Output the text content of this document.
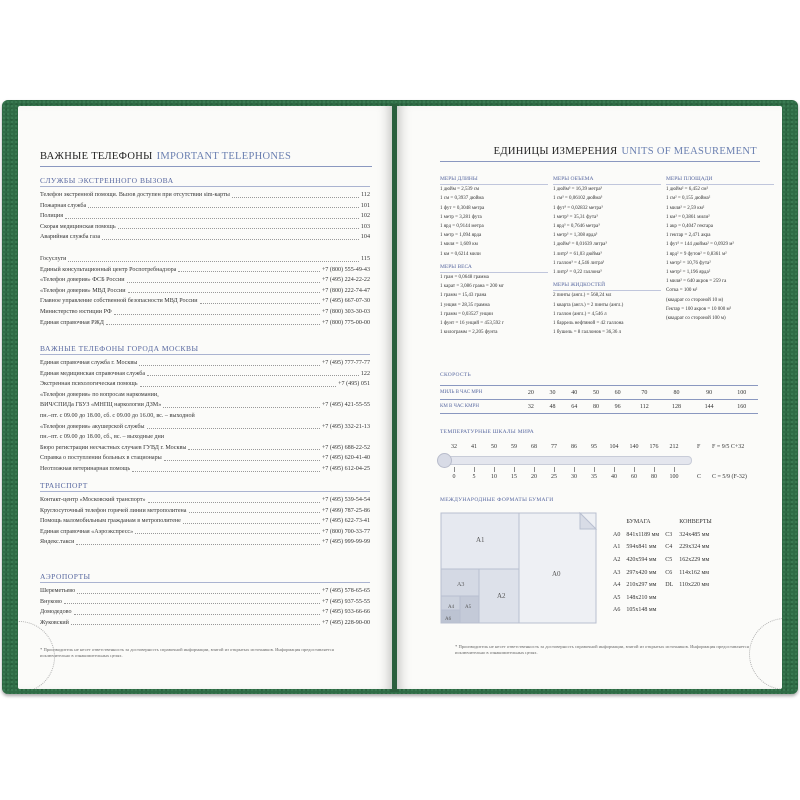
ВАЖНЫЕ ТЕЛЕФОНЫ IMPORTANT TELEPHONES
СЛУЖБЫ ЭКСТРЕННОГО ВЫЗОВА
Телефон экстренной помощи. Вызов доступен при отсутствии sim-карты	112
Пожарная служба	101
Полиция	102
Скорая медицинская помощь	103
Аварийная служба газа	104
Госуслуги	115
Единый консультационный центр Роспотребнадзора	+7 (800) 555-49-43
«Телефон доверия» ФСБ России	+7 (495) 224-22-22
«Телефон доверия» МВД России	+7 (800) 222-74-47
Главное управление собственной безопасности МВД России	+7 (495) 667-07-30
Министерство юстиции РФ	+7 (800) 303-30-03
Единая справочная РЖД	+7 (800) 775-00-00
ВАЖНЫЕ ТЕЛЕФОНЫ ГОРОДА МОСКВЫ
Единая справочная служба г. Москвы	+7 (495) 777-77-77
Единая медицинская справочная служба	122
Экстренная психологическая помощь	+7 (495) 051
«Телефон доверия» по вопросам наркомании,
ВИЧ/СПИДа ГБУЗ «МНПЦ наркологии ДЗМ»	+7 (495) 421-55-55
пн.–пт. с 09.00 до 18.00, сб. с 09.00 до 16.00, вс. – выходной
«Телефон доверия» акушерской службы	+7 (495) 332-21-13
пн.–пт. с 09.00 до 18.00, сб., вс. – выходные дни
Бюро регистрации несчастных случаев ГУВД г. Москвы	+7 (495) 688-22-52
Справка о поступлении больных в стационары	+7 (495) 620-41-40
Неотложная ветеринарная помощь	+7 (495) 612-04-25
ТРАНСПОРТ
Контакт-центр «Московский транспорт»	+7 (495) 539-54-54
Круглосуточный телефон горячей линии метрополитена	+7 (499) 787-25-86
Помощь маломобильным гражданам в метрополитене	+7 (495) 622-73-41
Единая справочная «Аэроэкспресс»	+7 (800) 700-33-77
Яндекс.такси	+7 (495) 999-99-99
АЭРОПОРТЫ
Шереметьево	+7 (495) 578-65-65
Внуково	+7 (495) 937-55-55
Домодедово	+7 (495) 933-66-66
Жуковский	+7 (495) 228-90-00
* Производитель не несет ответственность за достоверность справочной информации, взятой из открытых источников. Информация предоставляется исключительно в ознакомительных целях.
ЕДИНИЦЫ ИЗМЕРЕНИЯ UNITS OF MEASUREMENT
* Производитель не несет ответственность за достоверность справочной информации, взятой из открытых источников. Информация предоставляется исключительно в ознакомительных целях.
МЕРЫ ДЛИНЫ
1 дюйм = 2,539 см
1 см = 0,3937 дюйма
1 фут = 0,3048 метра
1 метр = 3,281 фута
1 ярд = 0,9144 метра
1 метр = 1,094 ярда
1 миля = 1,609 км
1 км = 0,6214 мили
МЕРЫ ВЕСА
1 гран = 0,0648 грамма
1 карат = 3,086 грана = 200 мг
1 грамм = 15,43 грана
1 унция = 28,35 грамма
1 грамм = 0,03527 унции
1 фунт = 16 унций = 453,592 г
1 килограмм = 2,205 фунта
МЕРЫ ОБЪЕМА
1 дюйм³ = 16,39 метра³
1 см³ = 0,06102 дюйма³
1 фут³ = 0,02832 метра³
1 метр³ = 35,31 фута³
1 ярд³ = 0,7646 метра³
1 метр³ = 1,308 ярда³
1 дюйм³ = 0,01639 литра³
1 литр³ = 61,03 дюйма³
1 галлон³ = 4,546 литра³
1 литр³ = 0,22 галлона³
МЕРЫ ЖИДКОСТЕЙ
2 пинты (англ.) = 568,24 мл
1 кварта (англ.) = 2 пинты (англ.)
1 галлон (англ.) = 4,546 л
1 баррель нефтяной = 42 галлона
1 бушель = 8 галлонов = 36,36 л
МЕРЫ ПЛОЩАДИ
1 дюйм² = 6,452 см²
1 см² = 0,155 дюйма²
1 миля² = 2,59 км²
1 км² = 0,3861 мили²
1 акр = 0,4047 гектара
1 гектар = 2,471 акра
1 фут² = 144 дюйма² = 0,0929 м²
1 ярд² = 9 футов² = 0,8361 м²
1 метр² = 10,76 фута²
1 метр² = 1,196 ярда²
1 миля² = 640 акров = 259 га
Сотка = 100 м²
(квадрат со стороной 10 м)
Гектар = 100 акров = 10 000 м²
(квадрат со стороной 100 м)
СКОРОСТЬ
МИЛЬ В ЧАС МРН	20	30	40	50	60	70	80	90	100
КМ В ЧАС КМРН	32	48	64	80	96	112	128	144	160
ТЕМПЕРАТУРНЫЕ ШКАЛЫ МИРА
32	41	50	59	68	77	86	95	104	140	176	212
0	5	10	15	20	25	30	35	40	60	80	100
F F = 9/5 C+32
C C = 5/9 (F-32)
МЕЖДУНАРОДНЫЕ ФОРМАТЫ БУМАГИ
A0
A1
A2
A3
A4 A5
A6
	БУМАГА		КОНВЕРТЫ
A0	841х1189 мм	C3	324х485 мм
A1	594х841 мм	C4	229х324 мм
A2	420х594 мм	C5	162х229 мм
A3	297х420 мм	C6	114х162 мм
A4	210х297 мм	DL	110х220 мм
A5	148х210 мм		
A6	105х148 мм		
